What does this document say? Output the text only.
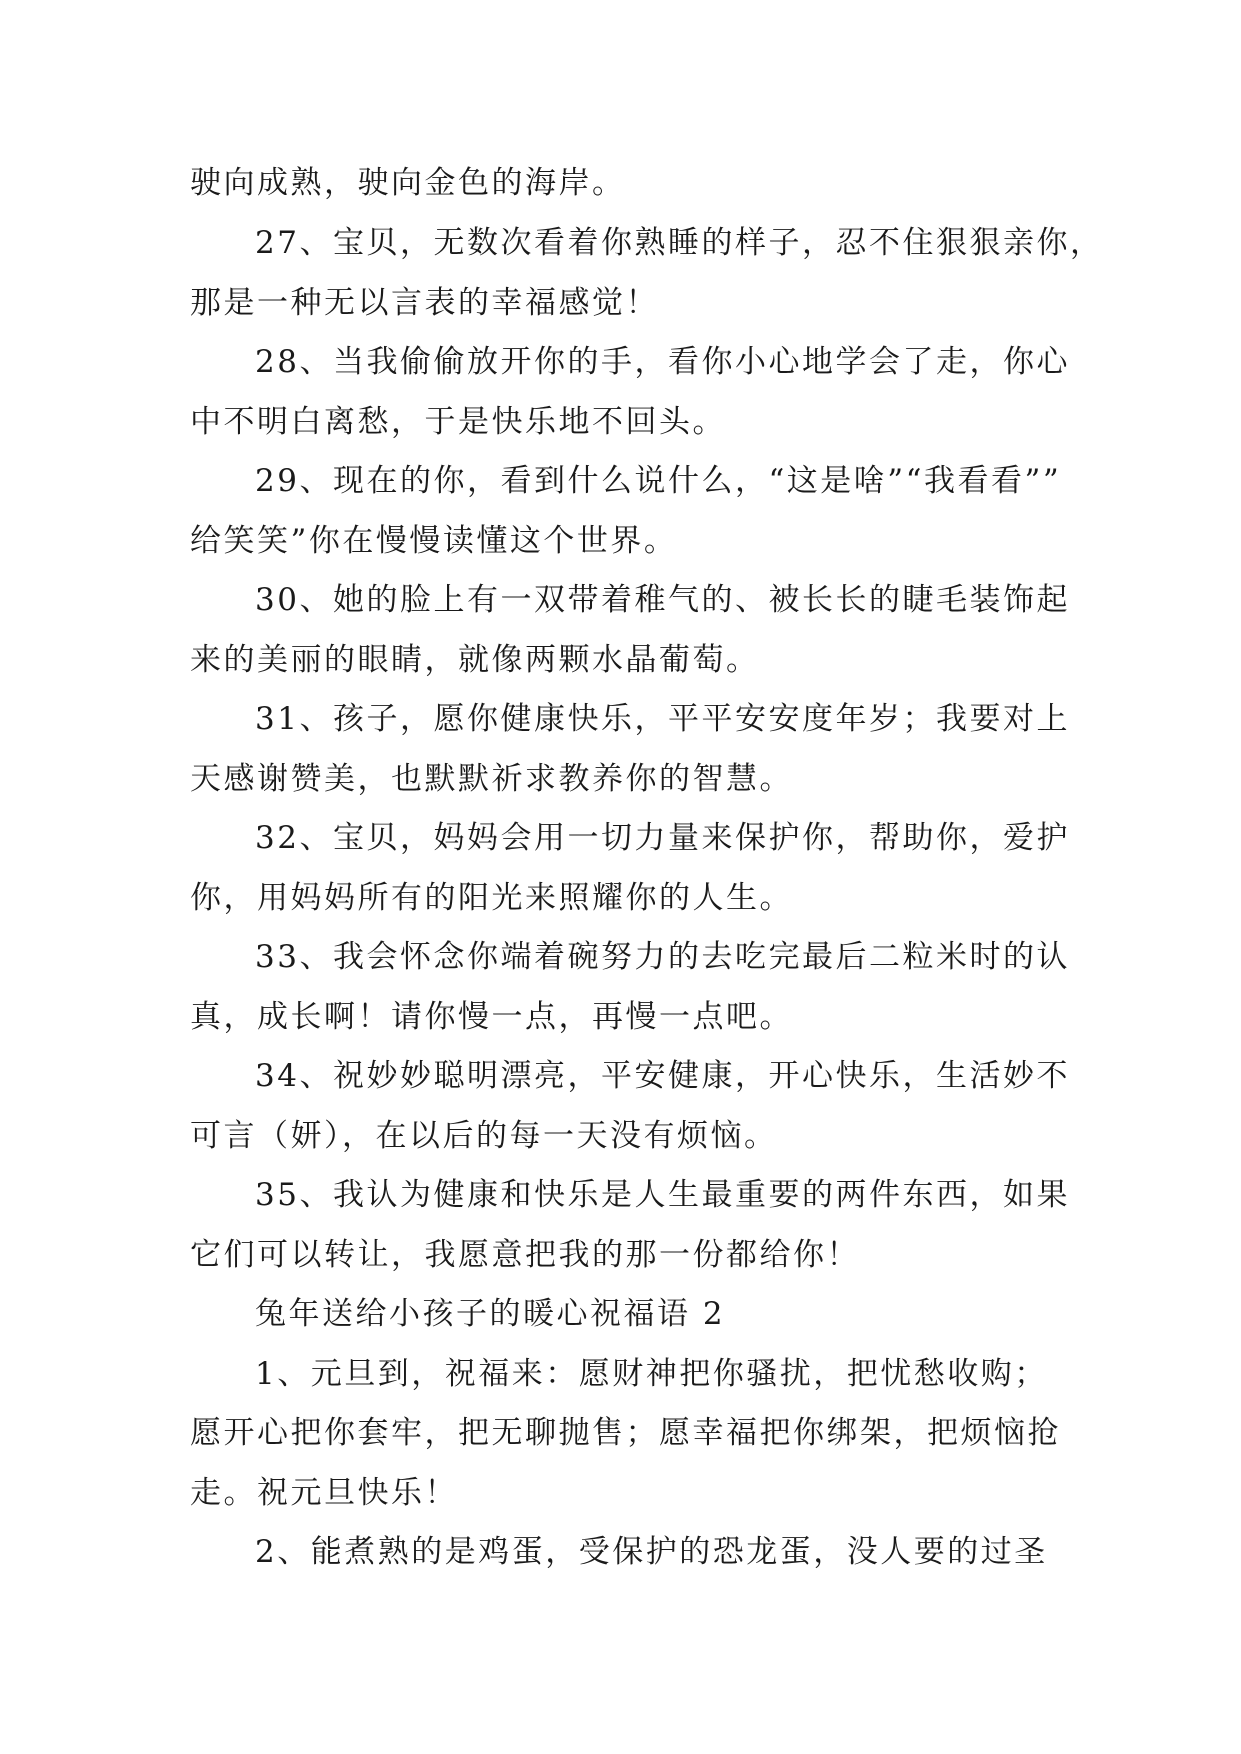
驶向成熟，驶向金色的海岸。
27、宝贝，无数次看着你熟睡的样子，忍不住狠狠亲你，
那是一种无以言表的幸福感觉！
28、当我偷偷放开你的手，看你小心地学会了走，你心
中不明白离愁，于是快乐地不回头。
29、现在的你，看到什么说什么，“这是啥”“我看看””
给笑笑”你在慢慢读懂这个世界。
30、她的脸上有一双带着稚气的、被长长的睫毛装饰起
来的美丽的眼睛，就像两颗水晶葡萄。
31、孩子，愿你健康快乐，平平安安度年岁；我要对上
天感谢赞美，也默默祈求教养你的智慧。
32、宝贝，妈妈会用一切力量来保护你，帮助你，爱护
你，用妈妈所有的阳光来照耀你的人生。
33、我会怀念你端着碗努力的去吃完最后二粒米时的认
真，成长啊！请你慢一点，再慢一点吧。
34、祝妙妙聪明漂亮，平安健康，开心快乐，生活妙不
可言（妍），在以后的每一天没有烦恼。
35、我认为健康和快乐是人生最重要的两件东西，如果
它们可以转让，我愿意把我的那一份都给你！
兔年送给小孩子的暖心祝福语 2
1、元旦到，祝福来：愿财神把你骚扰，把忧愁收购；
愿开心把你套牢，把无聊抛售；愿幸福把你绑架，把烦恼抢
走。祝元旦快乐！
2、能煮熟的是鸡蛋，受保护的恐龙蛋，没人要的过圣
